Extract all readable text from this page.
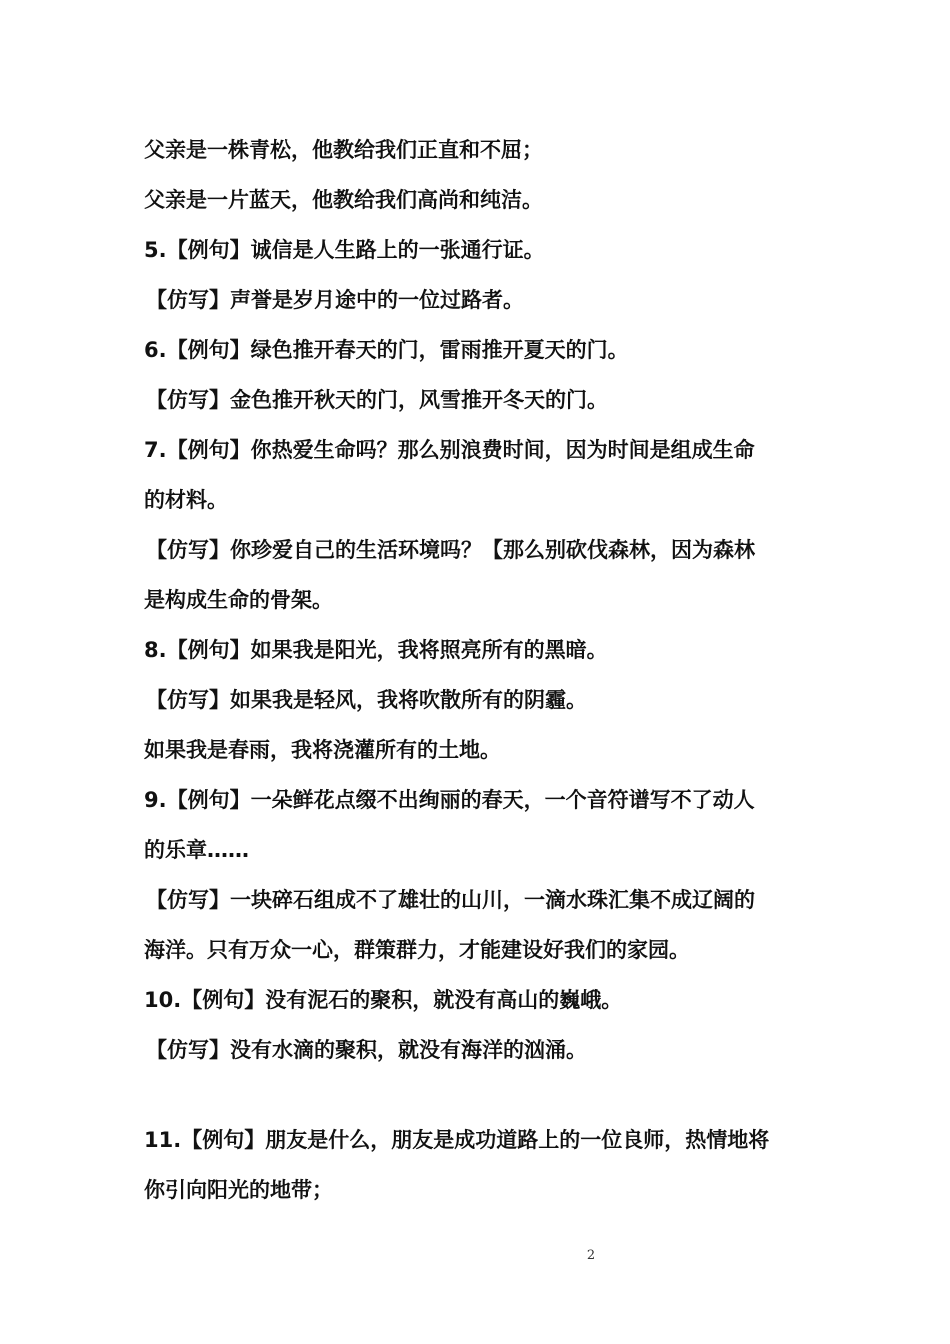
父亲是一株青松，他教给我们正直和不屈；
父亲是一片蓝天，他教给我们高尚和纯洁。
5.【例句】诚信是人生路上的一张通行证。
【仿写】声誉是岁月途中的一位过路者。
6.【例句】绿色推开春天的门，雷雨推开夏天的门。
【仿写】金色推开秋天的门，风雪推开冬天的门。
7.【例句】你热爱生命吗？那么别浪费时间，因为时间是组成生命
的材料。
【仿写】你珍爱自己的生活环境吗？【那么别砍伐森林，因为森林
是构成生命的骨架。
8.【例句】如果我是阳光，我将照亮所有的黑暗。
【仿写】如果我是轻风，我将吹散所有的阴霾。
如果我是春雨，我将浇灌所有的土地。
9.【例句】一朵鲜花点缀不出绚丽的春天，一个音符谱写不了动人
的乐章……
【仿写】一块碎石组成不了雄壮的山川，一滴水珠汇集不成辽阔的
海洋。只有万众一心，群策群力，才能建设好我们的家园。
10.【例句】没有泥石的聚积，就没有高山的巍峨。
【仿写】没有水滴的聚积，就没有海洋的汹涌。
11.【例句】朋友是什么，朋友是成功道路上的一位良师，热情地将
你引向阳光的地带；
2
